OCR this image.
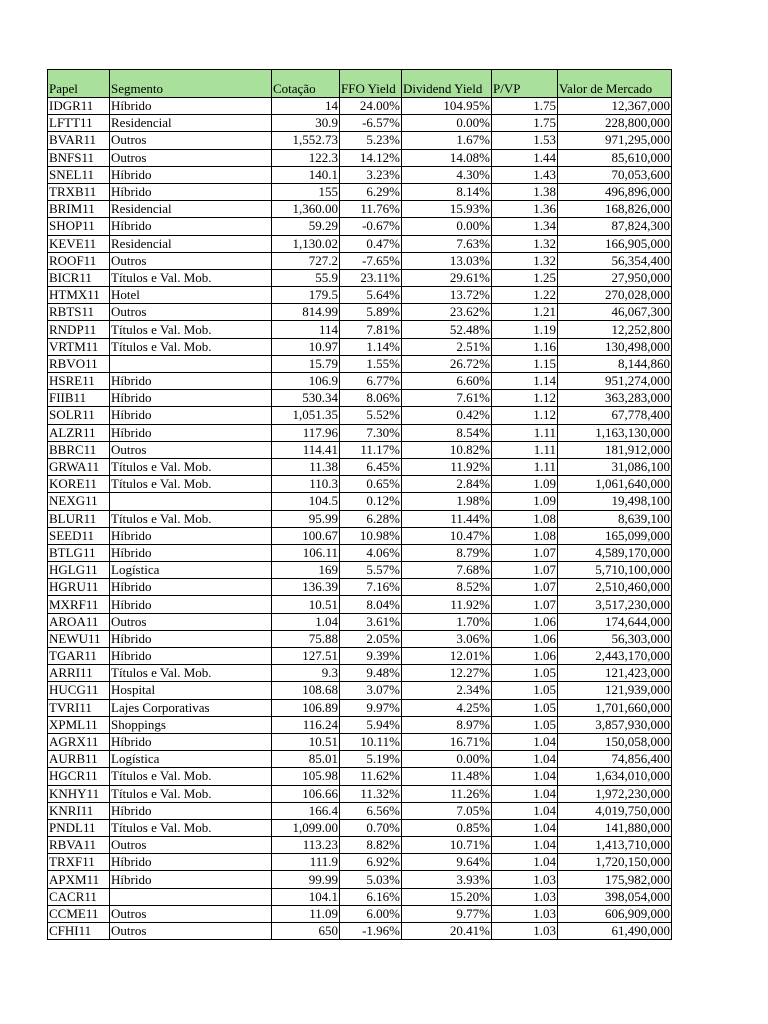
Papel	Segmento	Cotação	FFO Yield	Dividend Yield	P/VP	Valor de Mercado
IDGR11	Híbrido	14	24.00%	104.95%	1.75	12,367,000
LFTT11	Residencial	30.9	-6.57%	0.00%	1.75	228,800,000
BVAR11	Outros	1,552.73	5.23%	1.67%	1.53	971,295,000
BNFS11	Outros	122.3	14.12%	14.08%	1.44	85,610,000
SNEL11	Híbrido	140.1	3.23%	4.30%	1.43	70,053,600
TRXB11	Híbrido	155	6.29%	8.14%	1.38	496,896,000
BRIM11	Residencial	1,360.00	11.76%	15.93%	1.36	168,826,000
SHOP11	Híbrido	59.29	-0.67%	0.00%	1.34	87,824,300
KEVE11	Residencial	1,130.02	0.47%	7.63%	1.32	166,905,000
ROOF11	Outros	727.2	-7.65%	13.03%	1.32	56,354,400
BICR11	Títulos e Val. Mob.	55.9	23.11%	29.61%	1.25	27,950,000
HTMX11	Hotel	179.5	5.64%	13.72%	1.22	270,028,000
RBTS11	Outros	814.99	5.89%	23.62%	1.21	46,067,300
RNDP11	Títulos e Val. Mob.	114	7.81%	52.48%	1.19	12,252,800
VRTM11	Títulos e Val. Mob.	10.97	1.14%	2.51%	1.16	130,498,000
RBVO11		15.79	1.55%	26.72%	1.15	8,144,860
HSRE11	Híbrido	106.9	6.77%	6.60%	1.14	951,274,000
FIIB11	Híbrido	530.34	8.06%	7.61%	1.12	363,283,000
SOLR11	Híbrido	1,051.35	5.52%	0.42%	1.12	67,778,400
ALZR11	Híbrido	117.96	7.30%	8.54%	1.11	1,163,130,000
BBRC11	Outros	114.41	11.17%	10.82%	1.11	181,912,000
GRWA11	Títulos e Val. Mob.	11.38	6.45%	11.92%	1.11	31,086,100
KORE11	Títulos e Val. Mob.	110.3	0.65%	2.84%	1.09	1,061,640,000
NEXG11		104.5	0.12%	1.98%	1.09	19,498,100
BLUR11	Títulos e Val. Mob.	95.99	6.28%	11.44%	1.08	8,639,100
SEED11	Híbrido	100.67	10.98%	10.47%	1.08	165,099,000
BTLG11	Híbrido	106.11	4.06%	8.79%	1.07	4,589,170,000
HGLG11	Logística	169	5.57%	7.68%	1.07	5,710,100,000
HGRU11	Híbrido	136.39	7.16%	8.52%	1.07	2,510,460,000
MXRF11	Híbrido	10.51	8.04%	11.92%	1.07	3,517,230,000
AROA11	Outros	1.04	3.61%	1.70%	1.06	174,644,000
NEWU11	Híbrido	75.88	2.05%	3.06%	1.06	56,303,000
TGAR11	Híbrido	127.51	9.39%	12.01%	1.06	2,443,170,000
ARRI11	Títulos e Val. Mob.	9.3	9.48%	12.27%	1.05	121,423,000
HUCG11	Hospital	108.68	3.07%	2.34%	1.05	121,939,000
TVRI11	Lajes Corporativas	106.89	9.97%	4.25%	1.05	1,701,660,000
XPML11	Shoppings	116.24	5.94%	8.97%	1.05	3,857,930,000
AGRX11	Híbrido	10.51	10.11%	16.71%	1.04	150,058,000
AURB11	Logística	85.01	5.19%	0.00%	1.04	74,856,400
HGCR11	Títulos e Val. Mob.	105.98	11.62%	11.48%	1.04	1,634,010,000
KNHY11	Títulos e Val. Mob.	106.66	11.32%	11.26%	1.04	1,972,230,000
KNRI11	Híbrido	166.4	6.56%	7.05%	1.04	4,019,750,000
PNDL11	Títulos e Val. Mob.	1,099.00	0.70%	0.85%	1.04	141,880,000
RBVA11	Outros	113.23	8.82%	10.71%	1.04	1,413,710,000
TRXF11	Híbrido	111.9	6.92%	9.64%	1.04	1,720,150,000
APXM11	Híbrido	99.99	5.03%	3.93%	1.03	175,982,000
CACR11		104.1	6.16%	15.20%	1.03	398,054,000
CCME11	Outros	11.09	6.00%	9.77%	1.03	606,909,000
CFHI11	Outros	650	-1.96%	20.41%	1.03	61,490,000
